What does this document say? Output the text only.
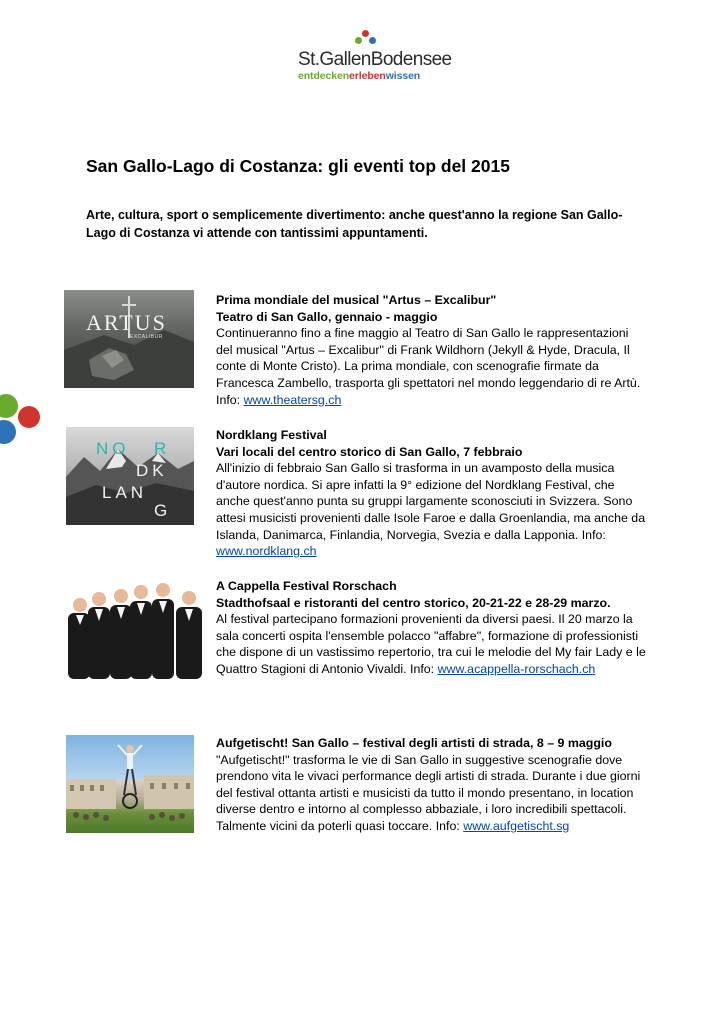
St.GallenBodensee
entdeckenerlebenwissen
San Gallo-Lago di Costanza: gli eventi top del 2015

Arte, cultura, sport o semplicemente divertimento: anche quest'anno la regione San Gallo-Lago di Costanza vi attende con tantissimi appuntamenti.

ARTUS
EXCALIBUR
Prima mondiale del musical "Artus – Excalibur"
Teatro di San Gallo, gennaio - maggio
Continueranno fino a fine maggio al Teatro di San Gallo le rappresentazioni del musical "Artus – Excalibur" di Frank Wildhorn (Jekyll & Hyde, Dracula, Il conte di Monte Cristo). La prima mondiale, con scenografie firmate da Francesca Zambello, trasporta gli spettatori nel mondo leggendario di re Artù. Info: www.theatersg.ch
NO R
DK
LAN
G
Nordklang Festival
Vari locali del centro storico di San Gallo, 7 febbraio
All'inizio di febbraio San Gallo si trasforma in un avamposto della musica d'autore nordica. Si apre infatti la 9° edizione del Nordklang Festival, che anche quest'anno punta su gruppi largamente sconosciuti in Svizzera. Sono attesi musicisti provenienti dalle Isole Faroe e dalla Groenlandia, ma anche da Islanda, Danimarca, Finlandia, Norvegia, Svezia e dalla Lapponia. Info: www.nordklang.ch
A Cappella Festival Rorschach
Stadthofsaal e ristoranti del centro storico, 20-21-22 e 28-29 marzo.
Al festival partecipano formazioni provenienti da diversi paesi. Il 20 marzo la sala concerti ospita l'ensemble polacco "affabre", formazione di professionisti che dispone di un vastissimo repertorio, tra cui le melodie del My fair Lady e le Quattro Stagioni di Antonio Vivaldi. Info: www.acappella-rorschach.ch
Aufgetischt! San Gallo – festival degli artisti di strada, 8 – 9 maggio
"Aufgetischt!" trasforma le vie di San Gallo in suggestive scenografie dove prendono vita le vivaci performance degli artisti di strada. Durante i due giorni del festival ottanta artisti e musicisti da tutto il mondo presentano, in location diverse dentro e intorno al complesso abbaziale, i loro incredibili spettacoli. Talmente vicini da poterli quasi toccare. Info: www.aufgetischt.sg
